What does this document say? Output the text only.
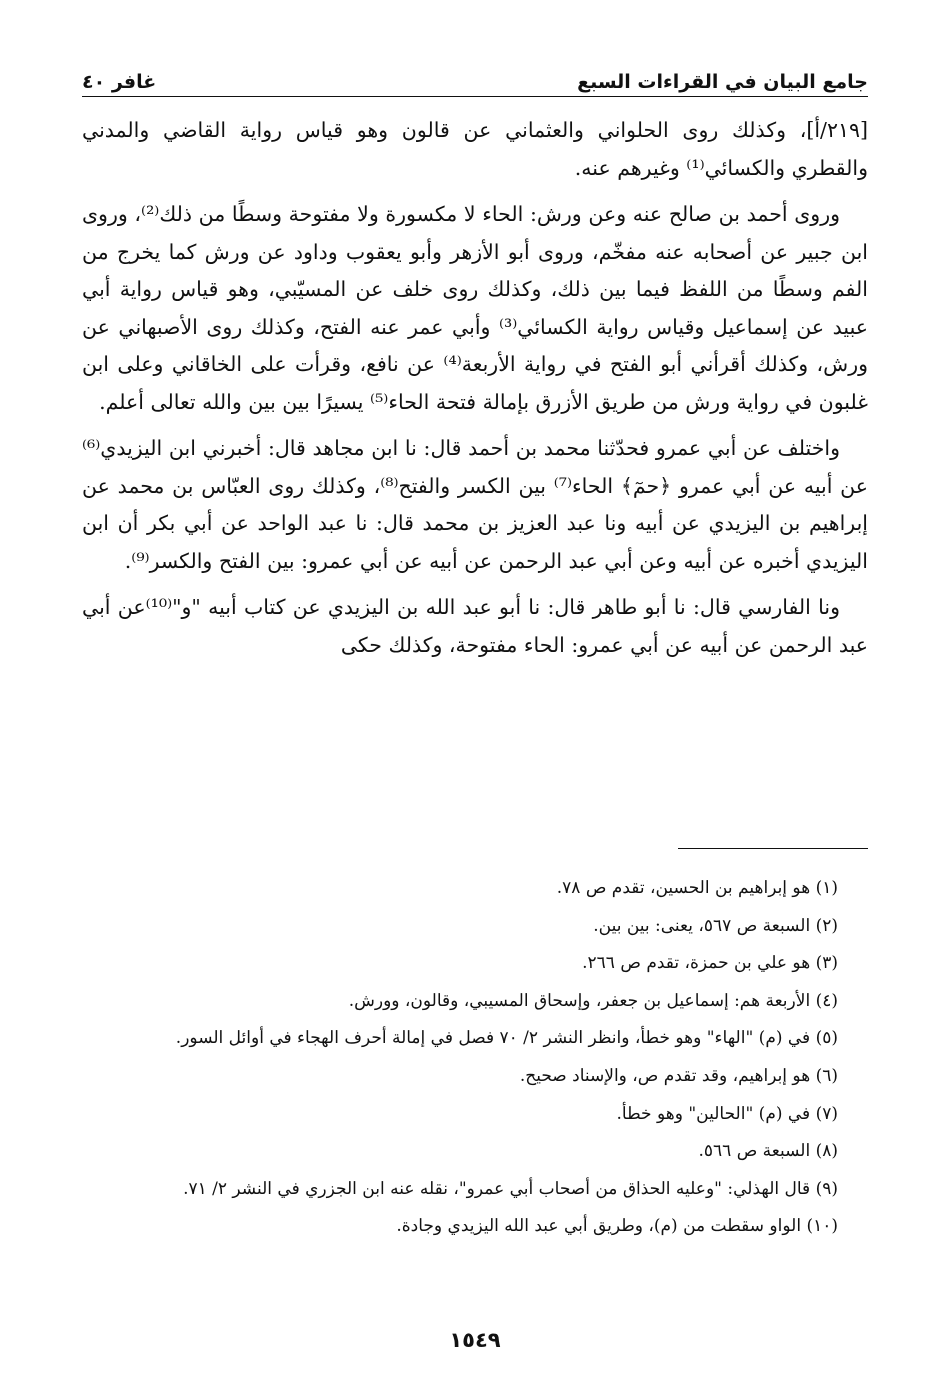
جامع البيان في القراءات السبع
غافر ٤٠

[٢١٩/أ]، وكذلك روى الحلواني والعثماني عن قالون وهو قياس رواية القاضي والمدني والقطري والكسائي⁽¹⁾ وغيرهم عنه.

وروى أحمد بن صالح عنه وعن ورش: الحاء لا مكسورة ولا مفتوحة وسطًا من ذلك⁽²⁾، وروى ابن جبير عن أصحابه عنه مفخّم، وروى أبو الأزهر وأبو يعقوب وداود عن ورش كما يخرج من الفم وسطًا من اللفظ فيما بين ذلك، وكذلك روى خلف عن المسيّبي، وهو قياس رواية أبي عبيد عن إسماعيل وقياس رواية الكسائي⁽³⁾ وأبي عمر عنه الفتح، وكذلك روى الأصبهاني عن ورش، وكذلك أقرأني أبو الفتح في رواية الأربعة⁽⁴⁾ عن نافع، وقرأت على الخاقاني وعلى ابن غلبون في رواية ورش من طريق الأزرق بإمالة فتحة الحاء⁽⁵⁾ يسيرًا بين بين والله تعالى أعلم.

واختلف عن أبي عمرو فحدّثنا محمد بن أحمد قال: نا ابن مجاهد قال: أخبرني ابن اليزيدي⁽⁶⁾ عن أبيه عن أبي عمرو ﴿حمٓ﴾ الحاء⁽⁷⁾ بين الكسر والفتح⁽⁸⁾، وكذلك روى العبّاس بن محمد عن إبراهيم بن اليزيدي عن أبيه ونا عبد العزيز بن محمد قال: نا عبد الواحد عن أبي بكر أن ابن اليزيدي أخبره عن أبيه وعن أبي عبد الرحمن عن أبيه عن أبي عمرو: بين الفتح والكسر⁽⁹⁾.

ونا الفارسي قال: نا أبو طاهر قال: نا أبو عبد الله بن اليزيدي عن كتاب أبيه "و"⁽¹⁰⁾عن أبي عبد الرحمن عن أبيه عن أبي عمرو: الحاء مفتوحة، وكذلك حكى

(١) هو إبراهيم بن الحسين، تقدم ص ٧٨.

(٢) السبعة ص ٥٦٧، يعنى: بين بين.

(٣) هو علي بن حمزة، تقدم ص ٢٦٦.

(٤) الأربعة هم: إسماعيل بن جعفر، وإسحاق المسيبي، وقالون، وورش.

(٥) في (م) "الهاء" وهو خطأ، وانظر النشر ٢/ ٧٠ فصل في إمالة أحرف الهجاء في أوائل السور.

(٦) هو إبراهيم، وقد تقدم ص، والإسناد صحيح.

(٧) في (م) "الحالين" وهو خطأ.

(٨) السبعة ص ٥٦٦.

(٩) قال الهذلي: "وعليه الحذاق من أصحاب أبي عمرو"، نقله عنه ابن الجزري في النشر ٢/ ٧١.

(١٠) الواو سقطت من (م)، وطريق أبي عبد الله اليزيدي وجادة.

١٥٤٩
